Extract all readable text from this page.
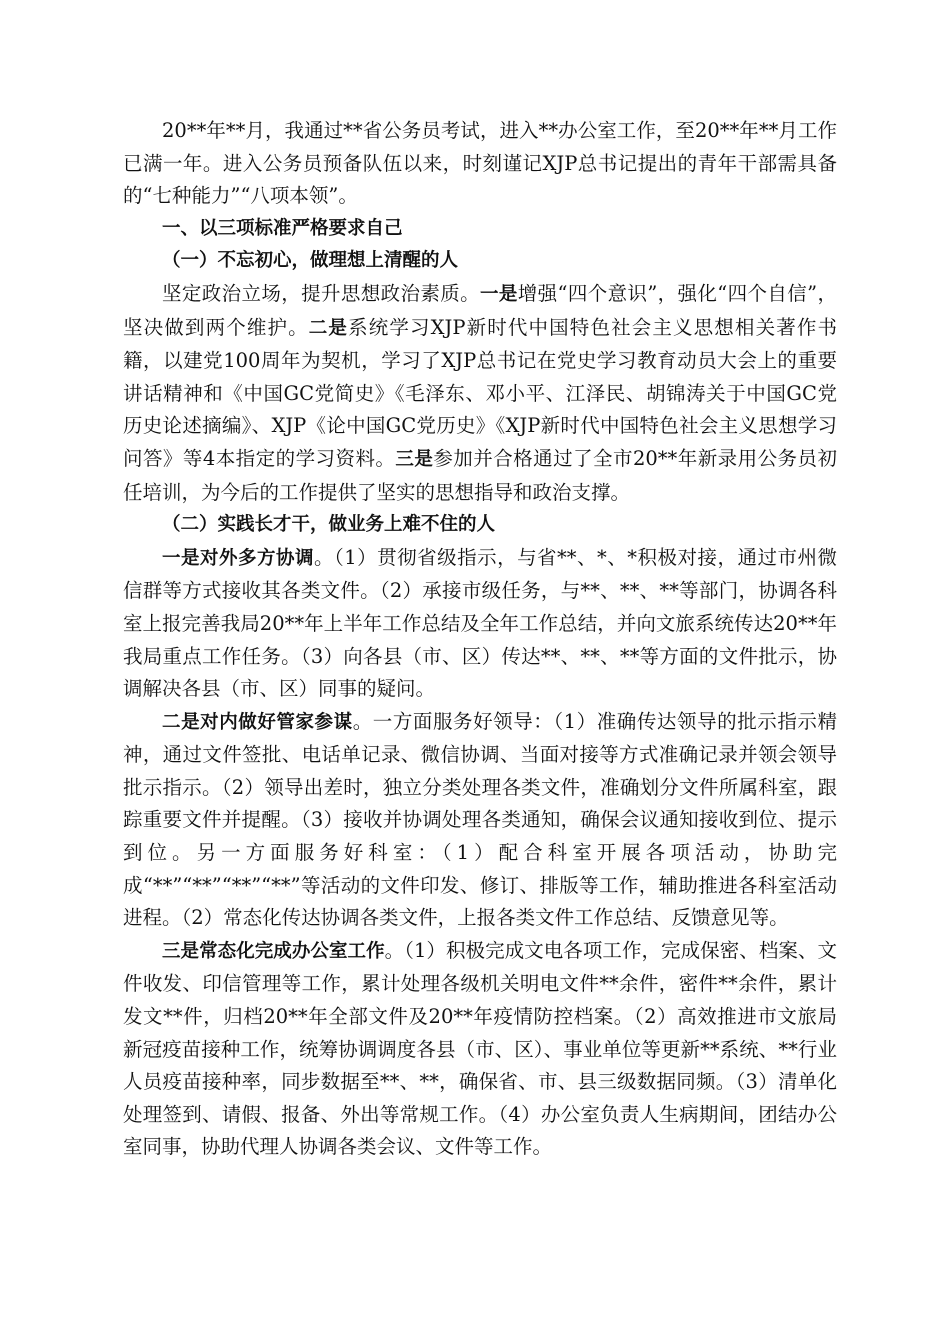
20**年**月，我通过**省公务员考试，进入**办公室工作，至20**年**月工作已满一年。进入公务员预备队伍以来，时刻谨记XJP总书记提出的青年干部需具备的“七种能力”“八项本领”。

一、以三项标准严格要求自己

（一）不忘初心，做理想上清醒的人

坚定政治立场，提升思想政治素质。一是增强“四个意识”，强化“四个自信”，坚决做到两个维护。二是系统学习XJP新时代中国特色社会主义思想相关著作书籍，以建党100周年为契机，学习了XJP总书记在党史学习教育动员大会上的重要讲话精神和《中国GC党简史》《毛泽东、邓小平、江泽民、胡锦涛关于中国GC党历史论述摘编》、XJP《论中国GC党历史》《XJP新时代中国特色社会主义思想学习问答》等4本指定的学习资料。三是参加并合格通过了全市20**年新录用公务员初任培训，为今后的工作提供了坚实的思想指导和政治支撑。

（二）实践长才干，做业务上难不住的人

一是对外多方协调。（1）贯彻省级指示，与省**、*、*积极对接，通过市州微信群等方式接收其各类文件。（2）承接市级任务，与**、**、**等部门，协调各科室上报完善我局20**年上半年工作总结及全年工作总结，并向文旅系统传达20**年我局重点工作任务。（3）向各县（市、区）传达**、**、**等方面的文件批示，协调解决各县（市、区）同事的疑问。

二是对内做好管家参谋。一方面服务好领导：（1）准确传达领导的批示指示精神，通过文件签批、电话单记录、微信协调、当面对接等方式准确记录并领会领导批示指示。（2）领导出差时，独立分类处理各类文件，准确划分文件所属科室，跟踪重要文件并提醒。（3）接收并协调处理各类通知，确保会议通知接收到位、提示到位。另一方面服务好科室：（1）配合科室开展各项活动，协助完成“**”“**”“**”“**”等活动的文件印发、修订、排版等工作，辅助推进各科室活动进程。（2）常态化传达协调各类文件，上报各类文件工作总结、反馈意见等。

三是常态化完成办公室工作。（1）积极完成文电各项工作，完成保密、档案、文件收发、印信管理等工作，累计处理各级机关明电文件**余件，密件**余件，累计发文**件，归档20**年全部文件及20**年疫情防控档案。（2）高效推进市文旅局新冠疫苗接种工作，统筹协调调度各县（市、区）、事业单位等更新**系统、**行业人员疫苗接种率，同步数据至**、**，确保省、市、县三级数据同频。（3）清单化处理签到、请假、报备、外出等常规工作。（4）办公室负责人生病期间，团结办公室同事，协助代理人协调各类会议、文件等工作。
